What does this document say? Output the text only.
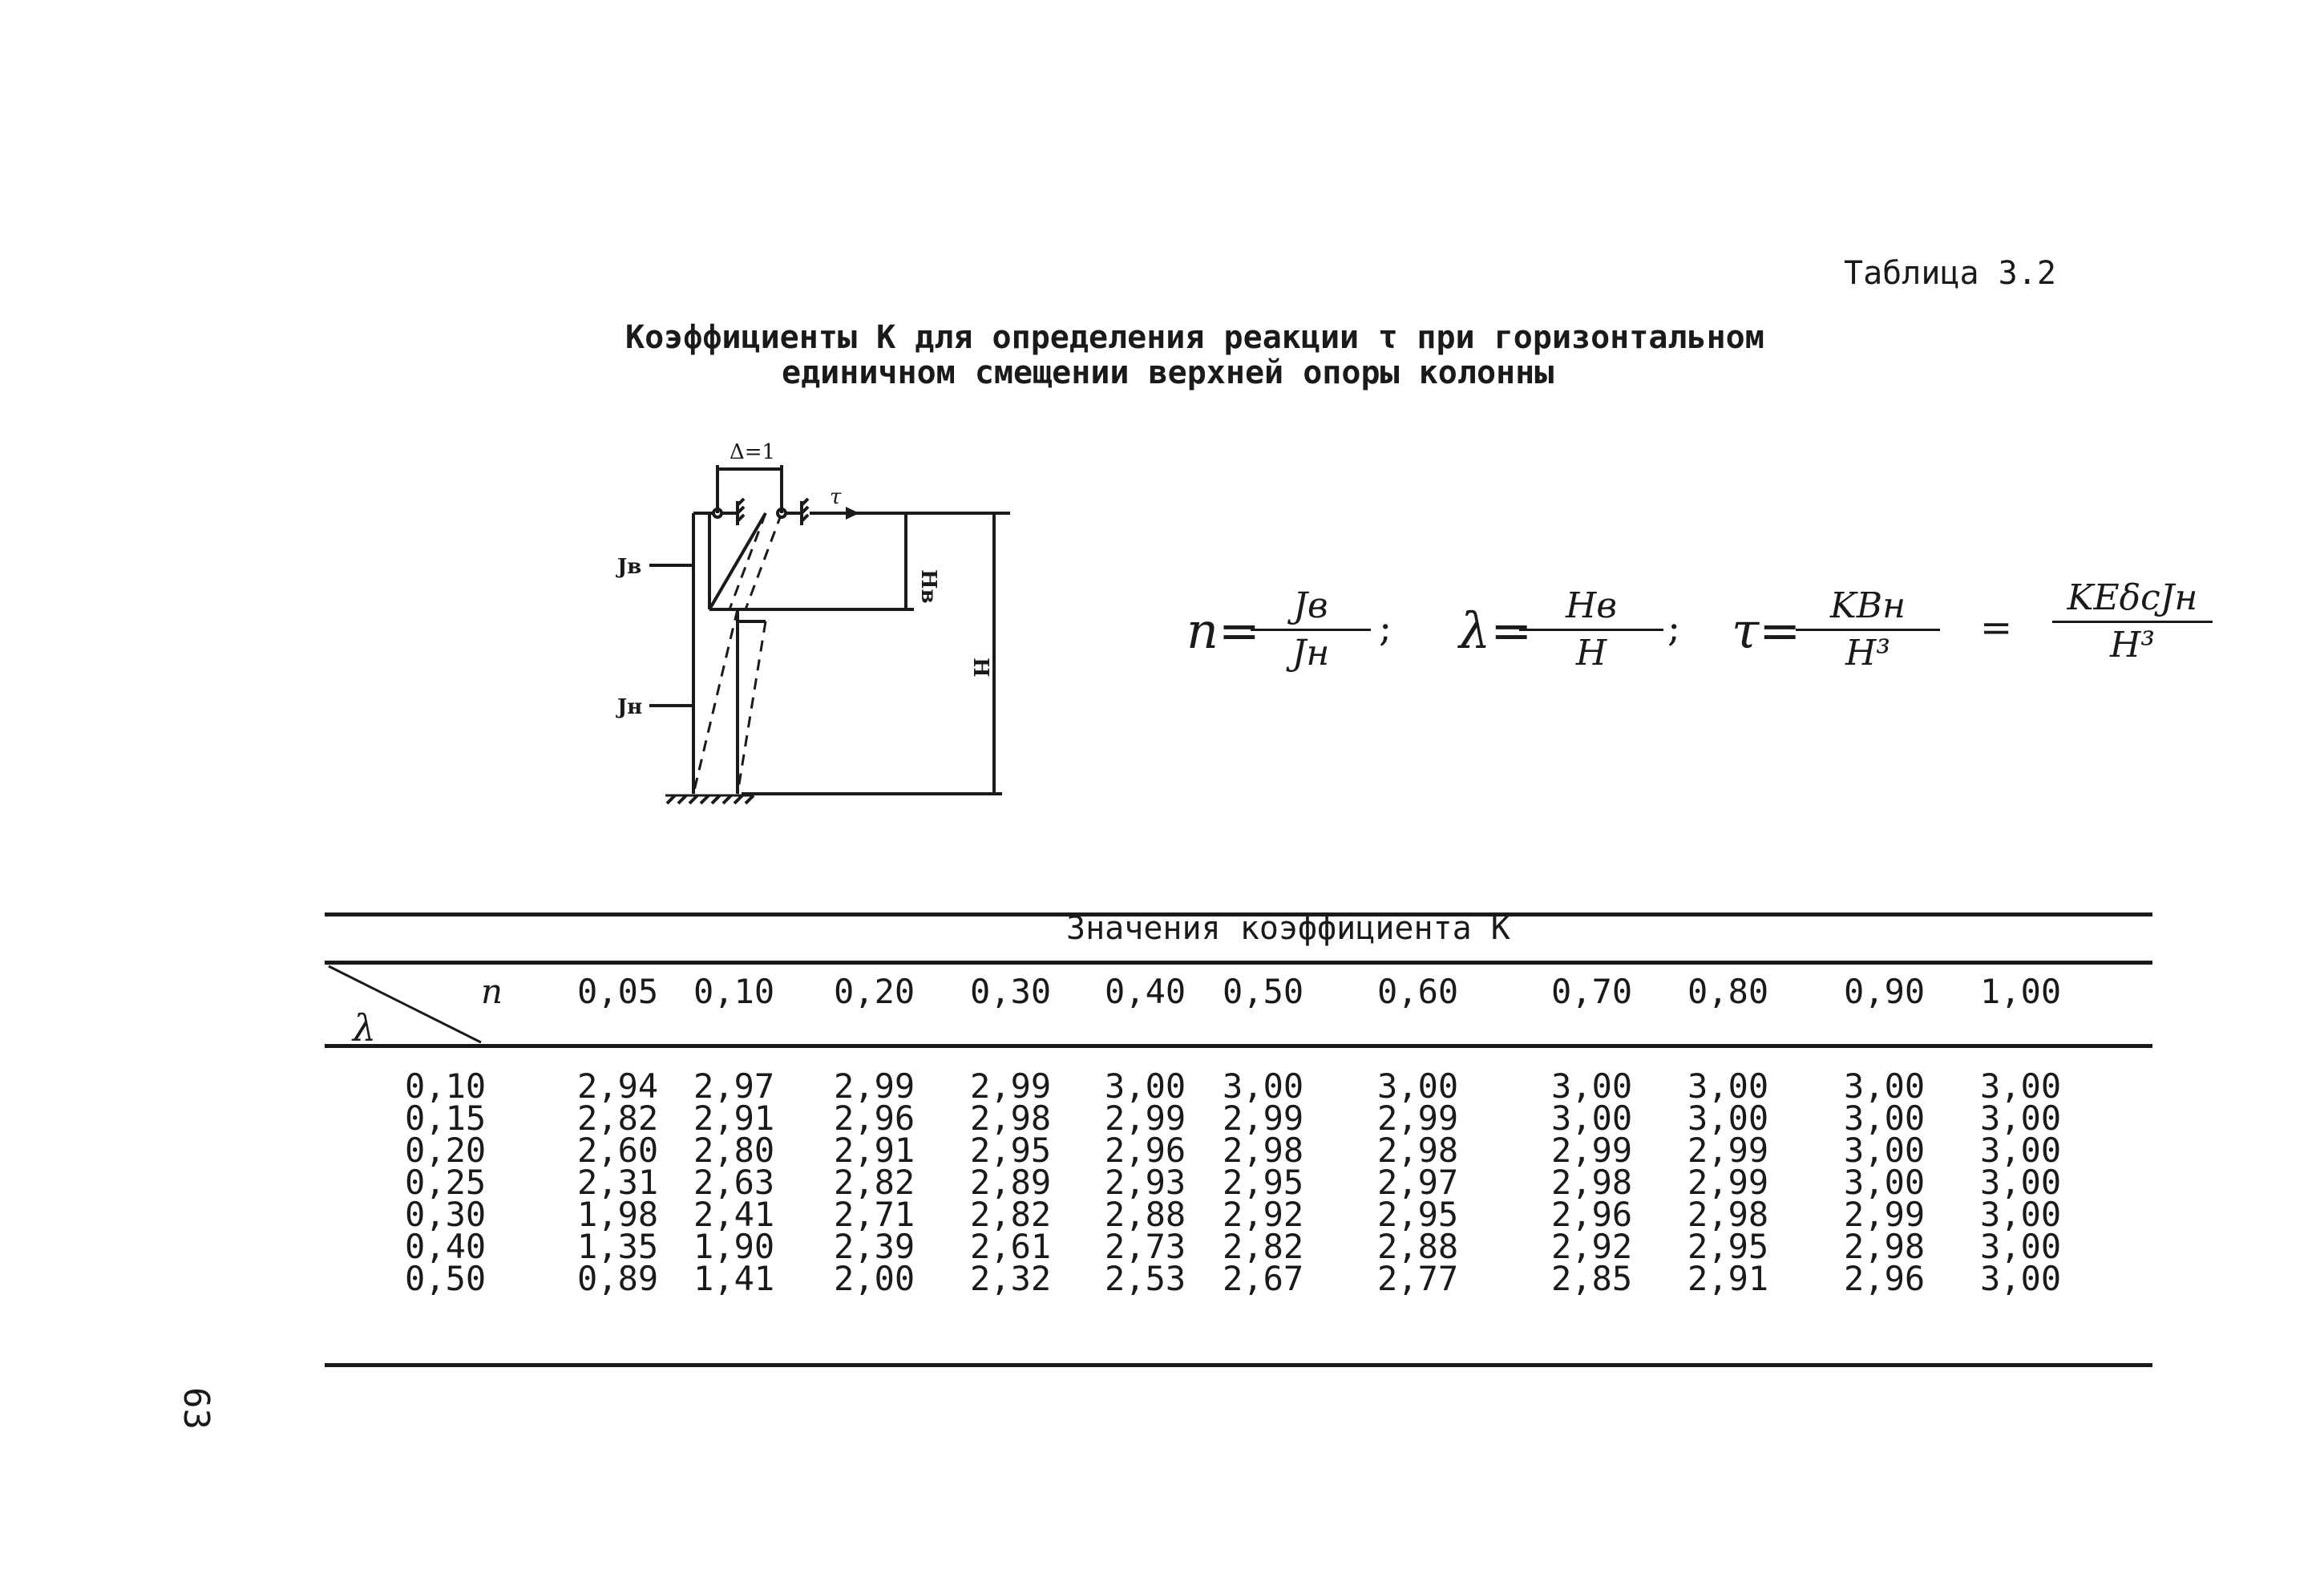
Таблица 3.2
Коэффициенты К для определения реакции τ при горизонтальном
единичном смещении верхней опоры колонны
Δ=1
τ
Jв
Jн
Hв
H
n= Jв
Jн
; λ= Hв
H
; τ= KBн
H³
=
KEδcJн
H³
Значения коэффициента К
n
λ
0,05 0,10 0,20 0,30 0,40 0,50 0,60	0,70 0,80 0,90 1,00
0,10	2,94 2,97 2,99 2,99 3,00 3,00 3,00	3,00 3,00 3,00 3,00
0,15	2,82 2,91 2,96 2,98 2,99 2,99 2,99	3,00 3,00 3,00 3,00
0,20	2,60 2,80 2,91 2,95 2,96 2,98 2,98	2,99 2,99 3,00 3,00
0,25	2,31 2,63 2,82 2,89 2,93 2,95 2,97	2,98 2,99 3,00 3,00
0,30	1,98 2,41 2,71 2,82 2,88 2,92 2,95	2,96 2,98 2,99 3,00
0,40	1,35 1,90 2,39 2,61 2,73 2,82 2,88	2,92 2,95 2,98 3,00
0,50	0,89 1,41 2,00 2,32 2,53 2,67 2,77	2,85 2,91 2,96 3,00
63
